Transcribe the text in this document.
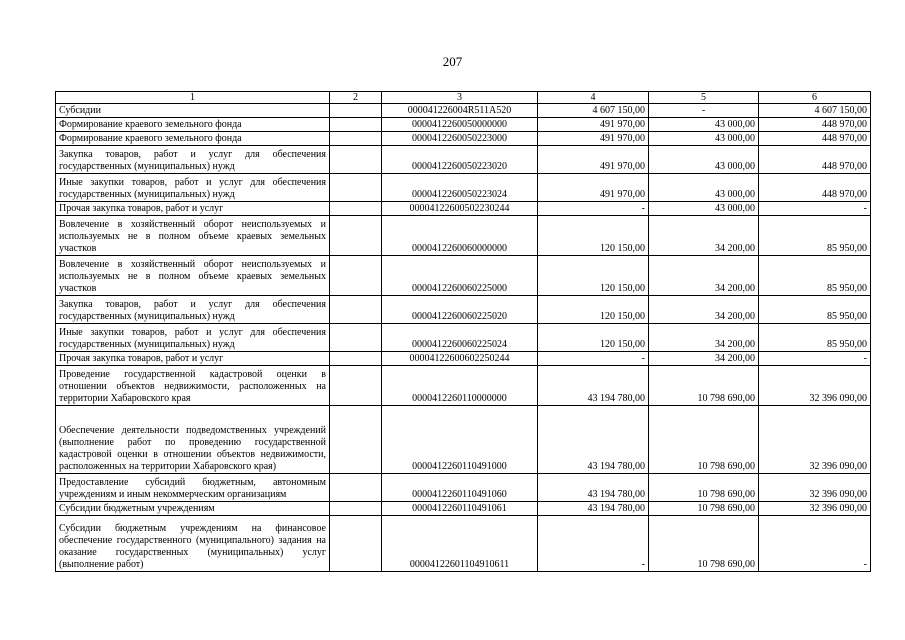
207
1	2	3	4	5	6
Субсидии		000041226004R511A520	4 607 150,00	-	4 607 150,00
Формирование краевого земельного фонда		0000412260050000000	491 970,00	43 000,00	448 970,00
Формирование краевого земельного фонда		0000412260050223000	491 970,00	43 000,00	448 970,00
Закупка товаров, работ и услуг для обеспечения государственных (муниципальных) нужд		0000412260050223020	491 970,00	43 000,00	448 970,00
Иные закупки товаров, работ и услуг для обеспечения государственных (муниципальных) нужд		0000412260050223024	491 970,00	43 000,00	448 970,00
Прочая закупка товаров, работ и услуг		00004122600502230244	-	43 000,00	-
Вовлечение в хозяйственный оборот неиспользуемых и используемых не в полном объеме краевых земельных участков		0000412260060000000	120 150,00	34 200,00	85 950,00
Вовлечение в хозяйственный оборот неиспользуемых и используемых не в полном объеме краевых земельных участков		0000412260060225000	120 150,00	34 200,00	85 950,00
Закупка товаров, работ и услуг для обеспечения государственных (муниципальных) нужд		0000412260060225020	120 150,00	34 200,00	85 950,00
Иные закупки товаров, работ и услуг для обеспечения государственных (муниципальных) нужд		0000412260060225024	120 150,00	34 200,00	85 950,00
Прочая закупка товаров, работ и услуг		00004122600602250244	-	34 200,00	-
Проведение государственной кадастровой оценки в отношении объектов недвижимости, расположенных на территории Хабаровского края		0000412260110000000	43 194 780,00	10 798 690,00	32 396 090,00
Обеспечение деятельности подведомственных учреждений (выполнение работ по проведению государственной кадастровой оценки в отношении объектов недвижимости, расположенных на территории Хабаровского края)		0000412260110491000	43 194 780,00	10 798 690,00	32 396 090,00
Предоставление субсидий бюджетным, автономным учреждениям и иным некоммерческим организациям		0000412260110491060	43 194 780,00	10 798 690,00	32 396 090,00
Субсидии бюджетным учреждениям		0000412260110491061	43 194 780,00	10 798 690,00	32 396 090,00
Субсидии бюджетным учреждениям на финансовое обеспечение государственного (муниципального) задания на оказание государственных (муниципальных) услуг (выполнение работ)		00004122601104910611	-	10 798 690,00	-
